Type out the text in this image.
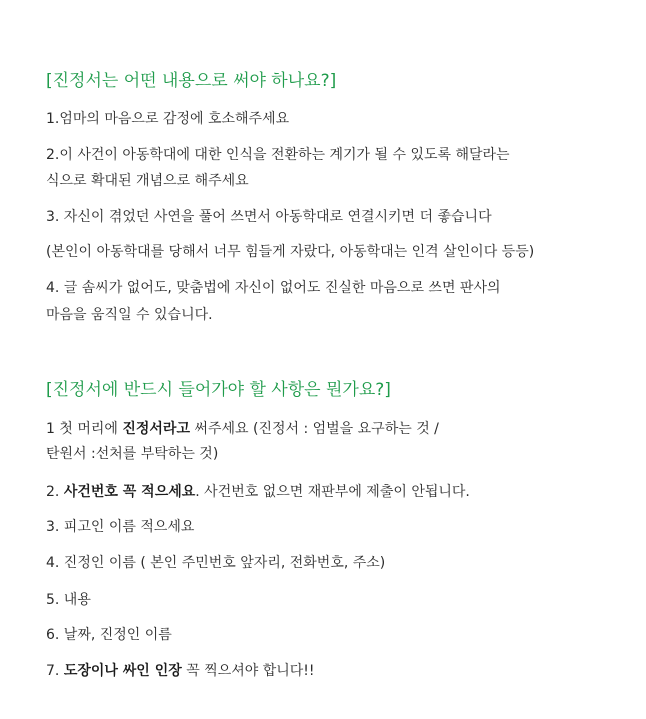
[진정서는 어떤 내용으로 써야 하나요?]

1.엄마의 마음으로 감정에 호소해주세요

2.이 사건이 아동학대에 대한 인식을 전환하는 계기가 될 수 있도록 해달라는

식으로 확대된 개념으로 해주세요

3. 자신이 겪었던 사연을 풀어 쓰면서 아동학대로 연결시키면 더 좋습니다

(본인이 아동학대를 당해서 너무 힘들게 자랐다, 아동학대는 인격 살인이다 등등)

4. 글 솜씨가 없어도, 맞춤법에 자신이 없어도 진실한 마음으로 쓰면 판사의

마음을 움직일 수 있습니다.

[진정서에 반드시 들어가야 할 사항은 뭔가요?]

1 첫 머리에 진정서라고 써주세요 (진정서 : 엄벌을 요구하는 것 /

탄원서 :선처를 부탁하는 것)

2. 사건번호 꼭 적으세요. 사건번호 없으면 재판부에 제출이 안됩니다.

3. 피고인 이름 적으세요

4. 진정인 이름 ( 본인 주민번호 앞자리, 전화번호, 주소)

5. 내용

6. 날짜, 진정인 이름

7. 도장이나 싸인 인장 꼭 찍으셔야 합니다!!
